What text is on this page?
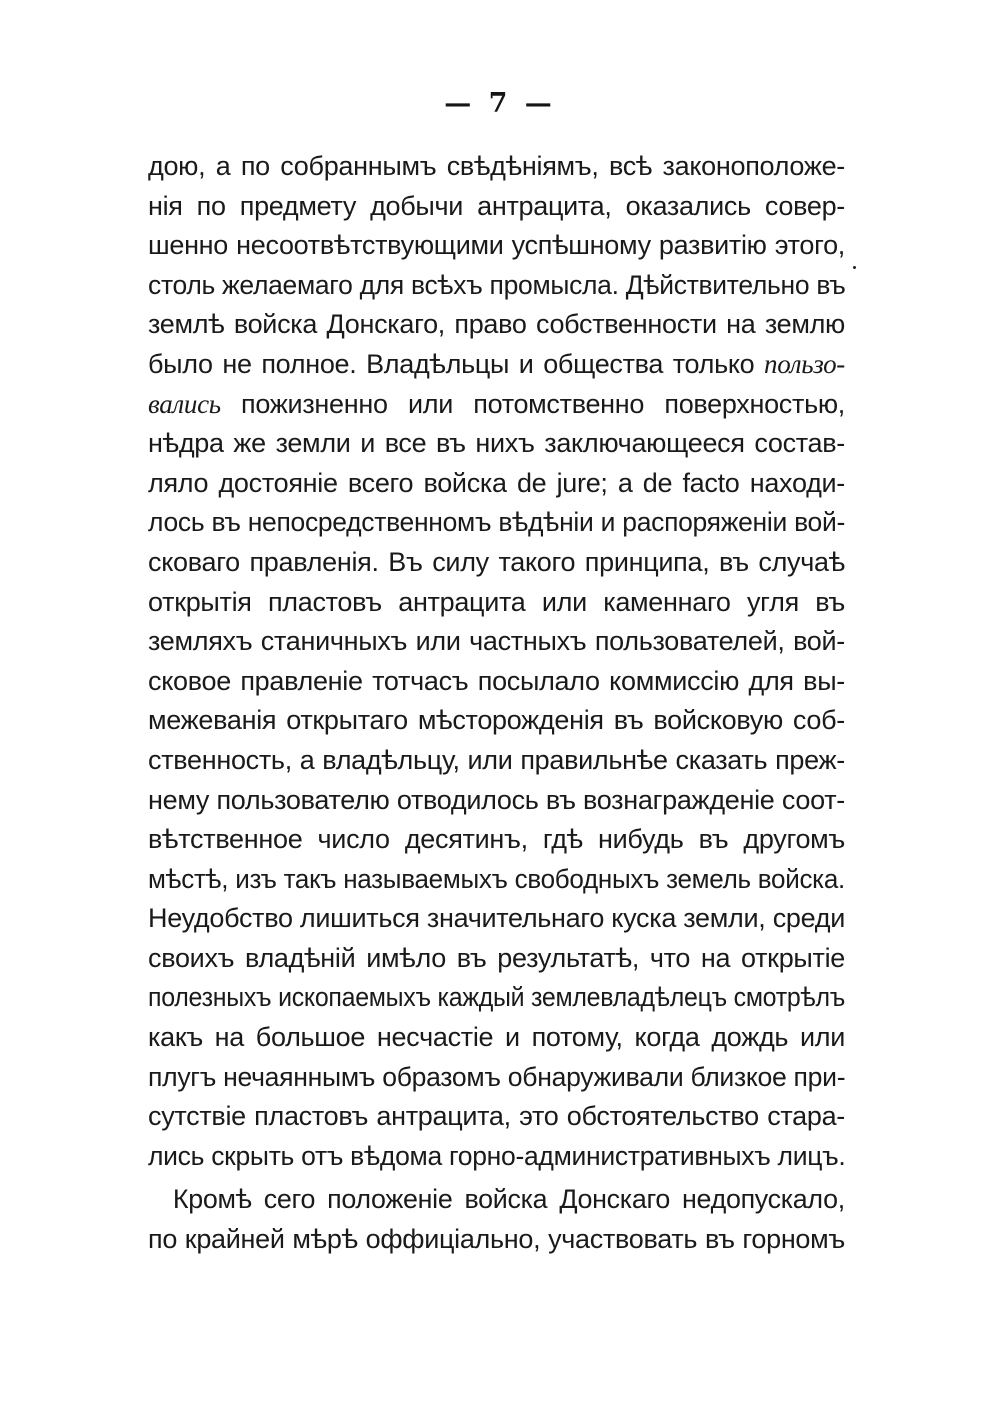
— 7 —
дою, а по собраннымъ свѣдѣніямъ, всѣ законоположе-
нія по предмету добычи антрацита, оказались совер-
шенно несоотвѣтствующими успѣшному развитію этого,
столь желаемаго для всѣхъ промысла. Дѣйствительно въ
землѣ войска Донскаго, право собственности на землю
было не полное. Владѣльцы и общества только пользо-
вались пожизненно или потомственно поверхностью,
нѣдра же земли и все въ нихъ заключающееся состав-
ляло достояніе всего войска de jure; а de facto находи-
лось въ непосредственномъ вѣдѣніи и распоряженіи вой-
сковаго правленія. Въ силу такого принципа, въ случаѣ
открытія пластовъ антрацита или каменнаго угля въ
земляхъ станичныхъ или частныхъ пользователей, вой-
сковое правленіе тотчасъ посылало коммиссію для вы-
межеванія открытаго мѣсторожденія въ войсковую соб-
ственность, а владѣльцу, или правильнѣе сказать преж-
нему пользователю отводилось въ вознагражденіе соот-
вѣтственное число десятинъ, гдѣ нибудь въ другомъ
мѣстѣ, изъ такъ называемыхъ свободныхъ земель войска.
Неудобство лишиться значительнаго куска земли, среди
своихъ владѣній имѣло въ результатѣ, что на открытіе
полезныхъ ископаемыхъ каждый землевладѣлецъ смотрѣлъ
какъ на большое несчастіе и потому, когда дождь или
плугъ нечаяннымъ образомъ обнаруживали близкое при-
сутствіе пластовъ антрацита, это обстоятельство стара-
лись скрыть отъ вѣдома горно-административныхъ лицъ.
Кромѣ сего положеніе войска Донскаго недопускало,
по крайней мѣрѣ оффиціально, участвовать въ горномъ
